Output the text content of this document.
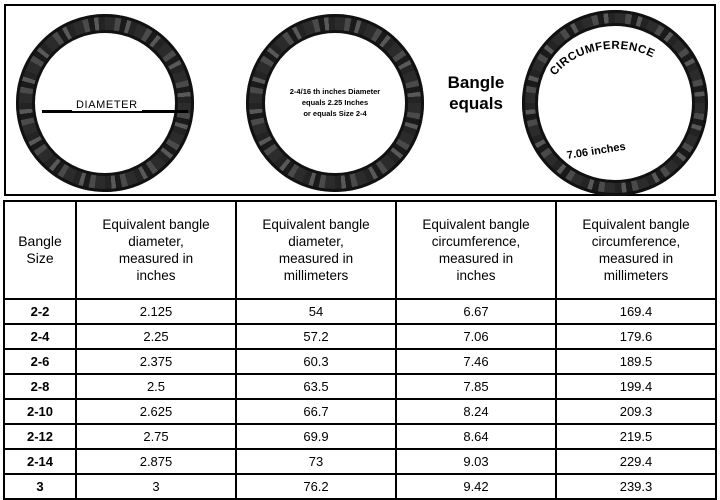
DIAMETER
2-4/16 th inches Diameter
equals 2.25 Inches
or equals Size 2-4
Bangle equals
CIRCUMFERENCE
7.06 inches
Bangle
Size

Equivalent bangle
diameter,
measured in
inches

Equivalent bangle
diameter,
measured in
millimeters

Equivalent bangle
circumference,
measured in
inches

Equivalent bangle
circumference,
measured in
millimeters

2-2	2.125	54	6.67	169.4
2-4	2.25	57.2	7.06	179.6
2-6	2.375	60.3	7.46	189.5
2-8	2.5	63.5	7.85	199.4
2-10	2.625	66.7	8.24	209.3
2-12	2.75	69.9	8.64	219.5
2-14	2.875	73	9.03	229.4
3	3	76.2	9.42	239.3
